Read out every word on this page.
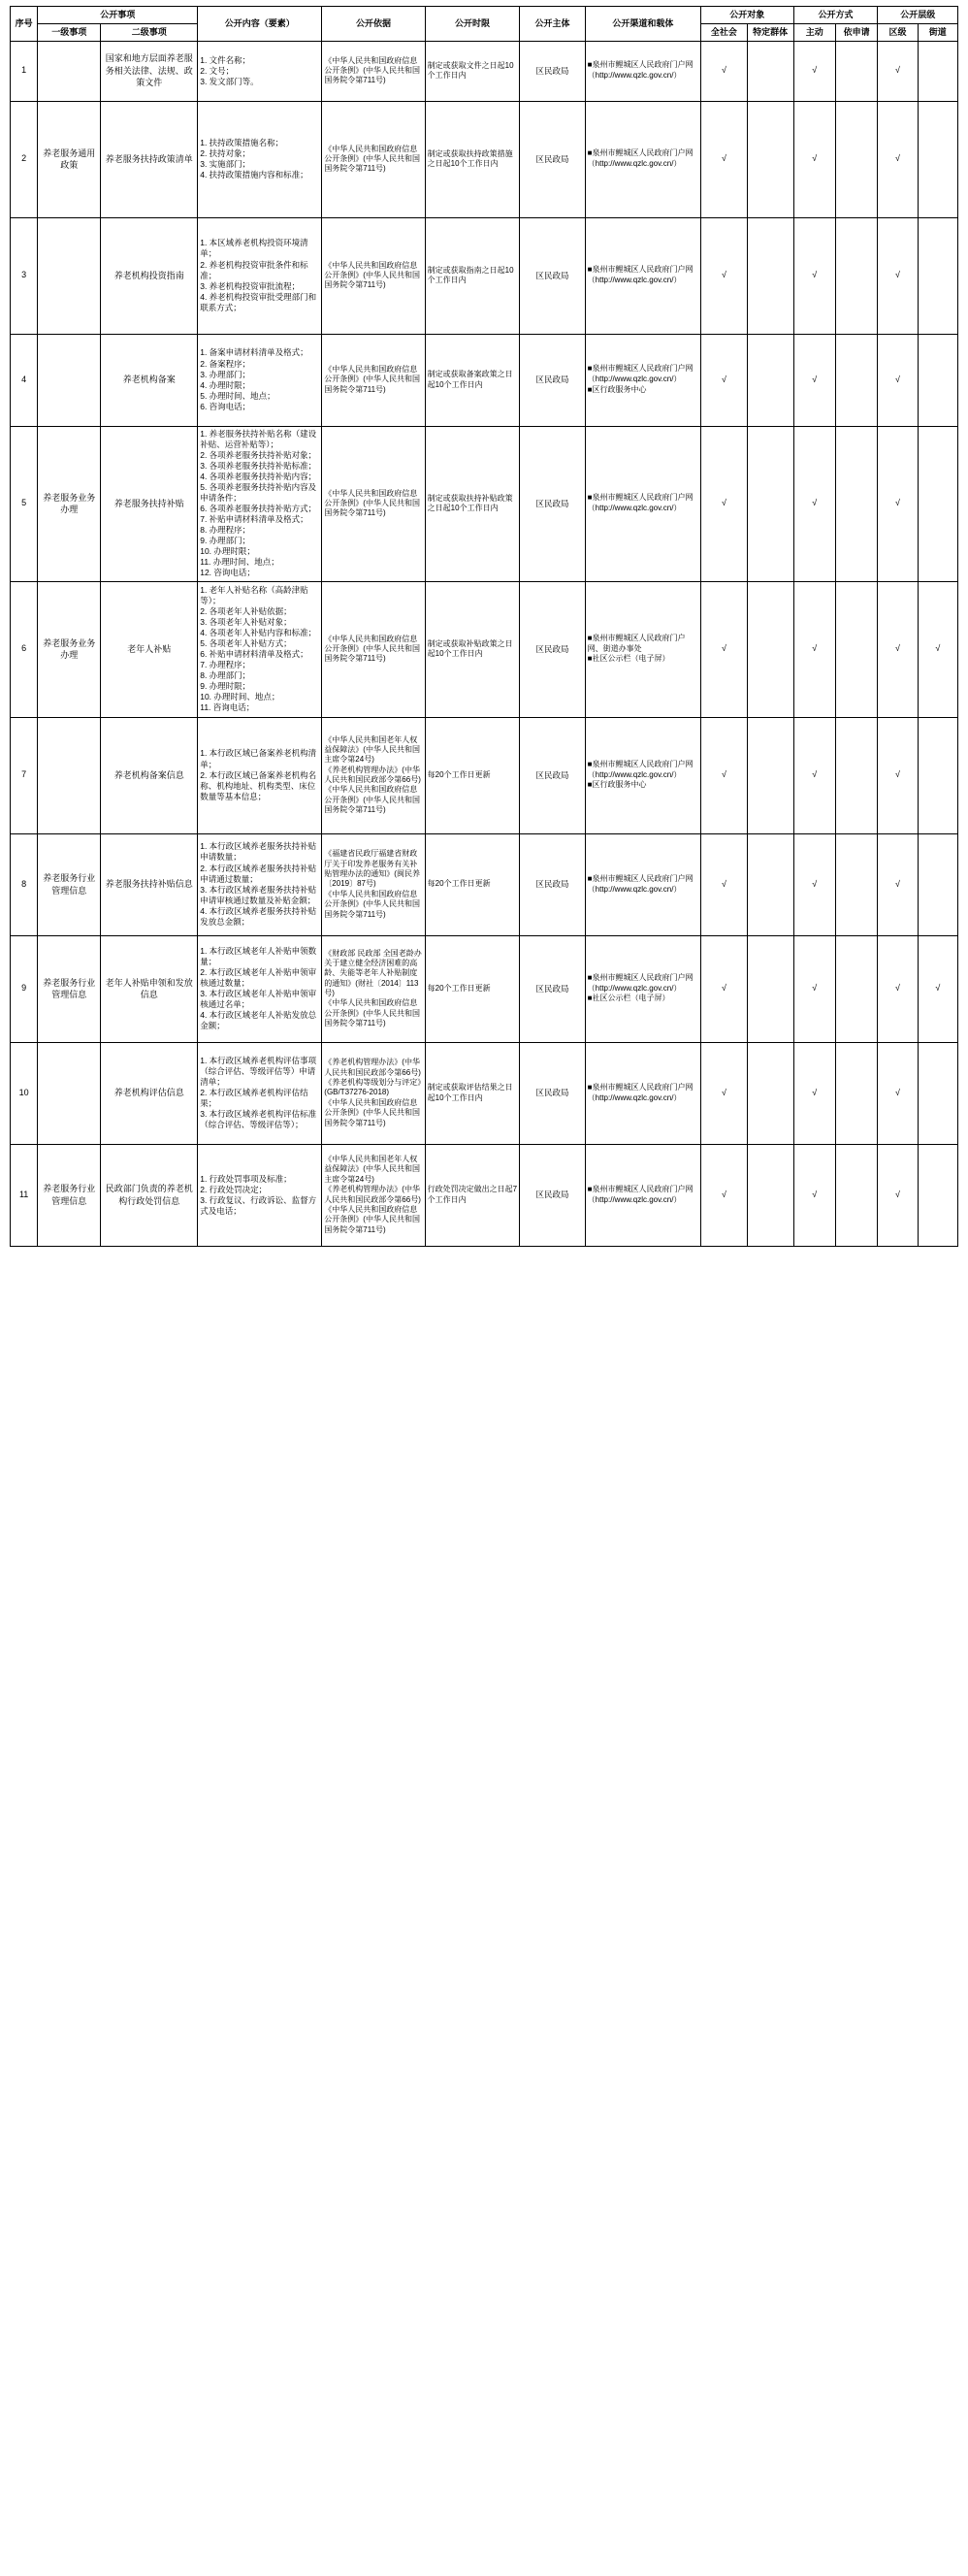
序号	公开事项		公开内容（要素）	公开依据	公开时限	公开主体	公开渠道和载体	公开对象		公开方式		公开层级	
	一级事项	二级事项						全社会	特定群体	主动	依申请	区级	街道
1		国家和地方层面养老服务相关法律、法规、政策文件	1. 文件名称；
2. 文号；
3. 发文部门等。	《中华人民共和国政府信息公开条例》(中华人民共和国国务院令第711号)	制定或获取文件之日起10个工作日内	区民政局	■泉州市鲤城区人民政府门户网（http://www.qzlc.gov.cn/）	√		√		√	
2	养老服务通用政策	养老服务扶持政策清单	1. 扶持政策措施名称；
2. 扶持对象；
3. 实施部门；
4. 扶持政策措施内容和标准；	《中华人民共和国政府信息公开条例》(中华人民共和国国务院令第711号)	制定或获取扶持政策措施之日起10个工作日内	区民政局	■泉州市鲤城区人民政府门户网（http://www.qzlc.gov.cn/）	√		√		√	
3		养老机构投资指南	1. 本区域养老机构投资环境清单；
2. 养老机构投资审批条件和标准；
3. 养老机构投资审批流程；
4. 养老机构投资审批受理部门和联系方式；	《中华人民共和国政府信息公开条例》(中华人民共和国国务院令第711号)	制定或获取指南之日起10个工作日内	区民政局	■泉州市鲤城区人民政府门户网（http://www.qzlc.gov.cn/）	√		√		√	
4		养老机构备案	1. 备案申请材料清单及格式；
2. 备案程序；
3. 办理部门；
4. 办理时限；
5. 办理时间、地点；
6. 咨询电话；	《中华人民共和国政府信息公开条例》(中华人民共和国国务院令第711号)	制定或获取备案政策之日起10个工作日内	区民政局	■泉州市鲤城区人民政府门户网（http://www.qzlc.gov.cn/）
■区行政服务中心	√		√		√	
5	养老服务业务办理	养老服务扶持补贴	1. 养老服务扶持补贴名称（建设补贴、运营补贴等）；
2. 各项养老服务扶持补贴对象；
3. 各项养老服务扶持补贴标准；
4. 各项养老服务扶持补贴内容；
5. 各项养老服务扶持补贴内容及申请条件；
6. 各项养老服务扶持补贴方式；
7. 补贴申请材料清单及格式；
8. 办理程序；
9. 办理部门；
10. 办理时限；
11. 办理时间、地点；
12. 咨询电话；	《中华人民共和国政府信息公开条例》(中华人民共和国国务院令第711号)	制定或获取扶持补贴政策之日起10个工作日内	区民政局	■泉州市鲤城区人民政府门户网（http://www.qzlc.gov.cn/）	√		√		√	
6	养老服务业务办理	老年人补贴	1. 老年人补贴名称（高龄津贴等）；
2. 各项老年人补贴依据；
3. 各项老年人补贴对象；
4. 各项老年人补贴内容和标准；
5. 各项老年人补贴方式；
6. 补贴申请材料清单及格式；
7. 办理程序；
8. 办理部门；
9. 办理时限；
10. 办理时间、地点；
11. 咨询电话；	《中华人民共和国政府信息公开条例》(中华人民共和国国务院令第711号)	制定或获取补贴政策之日起10个工作日内	区民政局	■泉州市鲤城区人民政府门户网、街道办事处
■社区公示栏（电子屏）	√		√		√	√
7		养老机构备案信息	1. 本行政区域已备案养老机构清单；
2. 本行政区域已备案养老机构名称、机构地址、机构类型、床位数量等基本信息；	《中华人民共和国老年人权益保障法》(中华人民共和国主席令第24号)
《养老机构管理办法》(中华人民共和国民政部令第66号)
《中华人民共和国政府信息公开条例》(中华人民共和国国务院令第711号)	每20个工作日更新	区民政局	■泉州市鲤城区人民政府门户网（http://www.qzlc.gov.cn/）
■区行政服务中心	√		√		√	
8	养老服务行业管理信息	养老服务扶持补贴信息	1. 本行政区域养老服务扶持补贴申请数量；
2. 本行政区域养老服务扶持补贴申请通过数量；
3. 本行政区域养老服务扶持补贴申请审核通过数量及补贴金额；
4. 本行政区域养老服务扶持补贴发放总金额；	《福建省民政厅福建省财政厅关于印发养老服务有关补贴管理办法的通知》(闽民养〔2019〕87号)
《中华人民共和国政府信息公开条例》(中华人民共和国国务院令第711号)	每20个工作日更新	区民政局	■泉州市鲤城区人民政府门户网（http://www.qzlc.gov.cn/）	√		√		√	
9	养老服务行业管理信息	老年人补贴申领和发放信息	1. 本行政区域老年人补贴申领数量；
2. 本行政区域老年人补贴申领审核通过数量；
3. 本行政区域老年人补贴申领审核通过名单；
4. 本行政区域老年人补贴发放总金额；	《财政部 民政部 全国老龄办关于建立健全经济困难的高龄、失能等老年人补贴制度的通知》(财社〔2014〕113号)
《中华人民共和国政府信息公开条例》(中华人民共和国国务院令第711号)	每20个工作日更新	区民政局	■泉州市鲤城区人民政府门户网（http://www.qzlc.gov.cn/）
■社区公示栏（电子屏）	√		√		√	√
10		养老机构评估信息	1. 本行政区域养老机构评估事项（综合评估、等级评估等）申请清单；
2. 本行政区域养老机构评估结果；
3. 本行政区域养老机构评估标准（综合评估、等级评估等）；	《养老机构管理办法》(中华人民共和国民政部令第66号)
《养老机构等级划分与评定》(GB/T37276-2018)
《中华人民共和国政府信息公开条例》(中华人民共和国国务院令第711号)	制定或获取评估结果之日起10个工作日内	区民政局	■泉州市鲤城区人民政府门户网（http://www.qzlc.gov.cn/）	√		√		√	
11	养老服务行业管理信息	民政部门负责的养老机构行政处罚信息	1. 行政处罚事项及标准；
2. 行政处罚决定；
3. 行政复议、行政诉讼、监督方式及电话；	《中华人民共和国老年人权益保障法》(中华人民共和国主席令第24号)
《养老机构管理办法》(中华人民共和国民政部令第66号)
《中华人民共和国政府信息公开条例》(中华人民共和国国务院令第711号)	行政处罚决定做出之日起7个工作日内	区民政局	■泉州市鲤城区人民政府门户网（http://www.qzlc.gov.cn/）	√		√		√	
